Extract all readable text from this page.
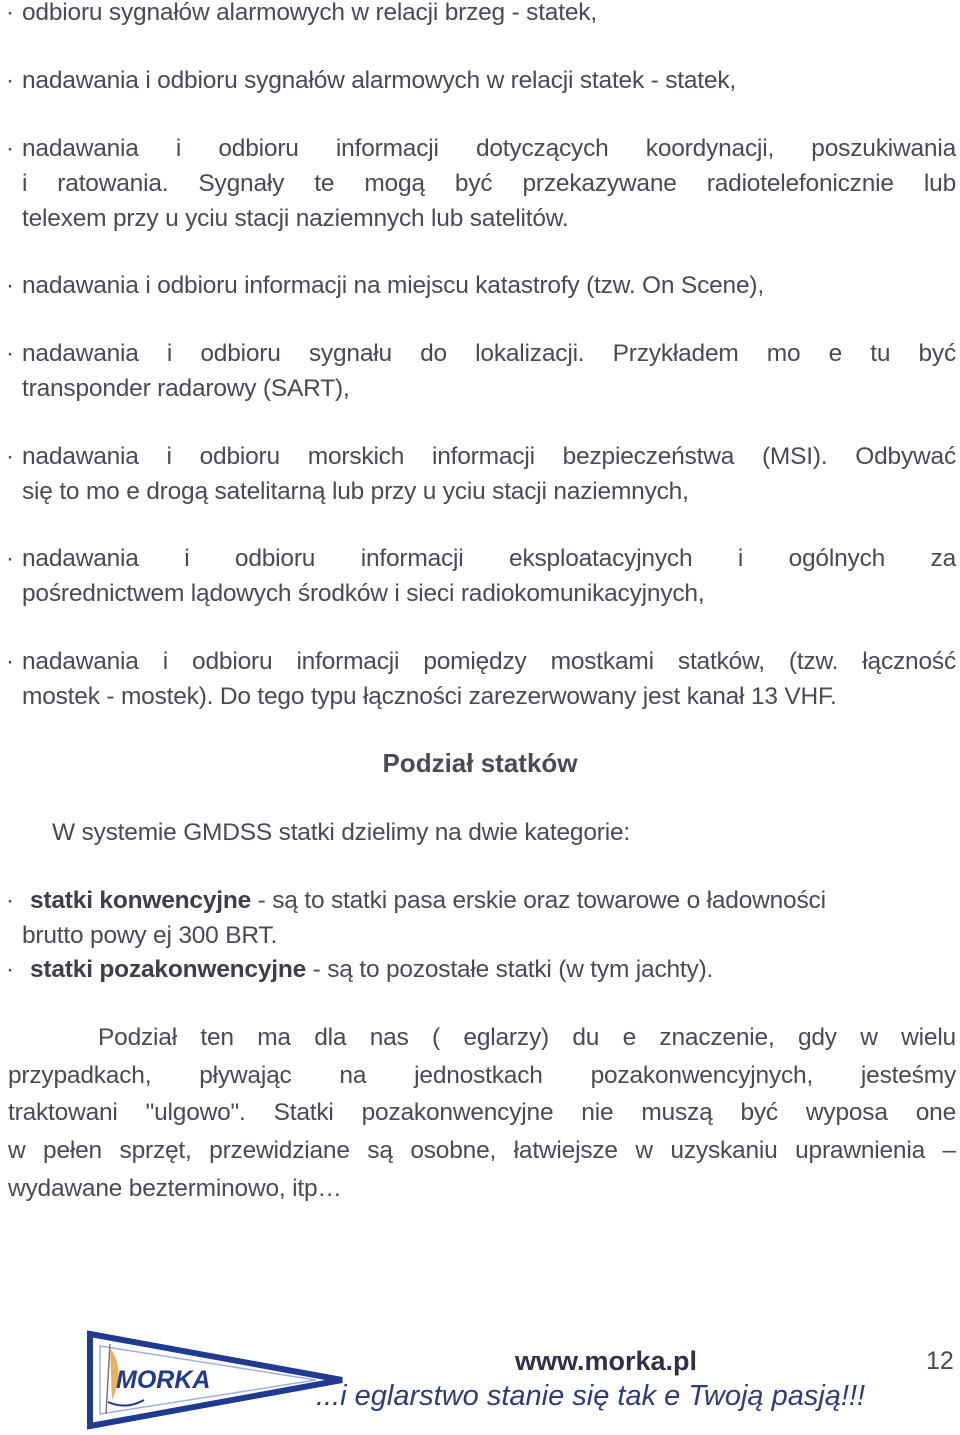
· odbioru sygnałów alarmowych w relacji brzeg - statek,
· nadawania i odbioru sygnałów alarmowych w relacji statek - statek,
· nadawania i odbioru informacji dotyczących koordynacji, poszukiwania
i ratowania. Sygnały te mogą być przekazywane radiotelefonicznie lub
telexem przy u yciu stacji naziemnych lub satelitów.
· nadawania i odbioru informacji na miejscu katastrofy (tzw. On Scene),
· nadawania i odbioru sygnału do lokalizacji. Przykładem mo e tu być
transponder radarowy (SART),
· nadawania i odbioru morskich informacji bezpieczeństwa (MSI). Odbywać
się to mo e drogą satelitarną lub przy u yciu stacji naziemnych,
· nadawania i odbioru informacji eksploatacyjnych i ogólnych za
pośrednictwem lądowych środków i sieci radiokomunikacyjnych,
· nadawania i odbioru informacji pomiędzy mostkami statków, (tzw. łączność
mostek - mostek). Do tego typu łączności zarezerwowany jest kanał 13 VHF.
Podział statków
W systemie GMDSS statki dzielimy na dwie kategorie:
· statki konwencyjne - są to statki pasa erskie oraz towarowe o ładowności
brutto powy ej 300 BRT.
· statki pozakonwencyjne - są to pozostałe statki (w tym jachty).
Podział ten ma dla nas ( eglarzy) du e znaczenie, gdy w wielu
przypadkach, pływając na jednostkach pozakonwencyjnych, jesteśmy
traktowani "ulgowo". Statki pozakonwencyjne nie muszą być wyposa one
w pełen sprzęt, przewidziane są osobne, łatwiejsze w uzyskaniu uprawnienia –
wydawane bezterminowo, itp…
MORKA
www.morka.pl	12
...i eglarstwo stanie się tak e Twoją pasją!!!
